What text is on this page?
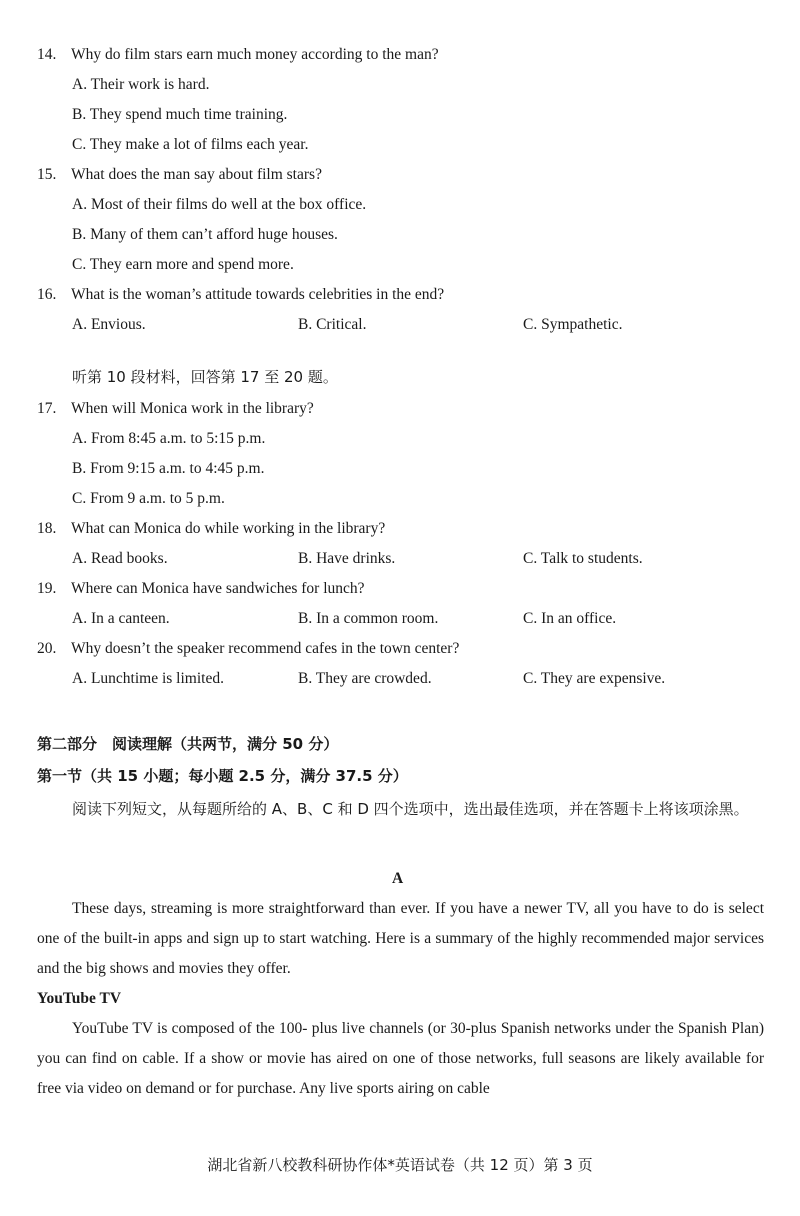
14. Why do film stars earn much money according to the man?
A. Their work is hard.
B. They spend much time training.
C. They make a lot of films each year.
15. What does the man say about film stars?
A. Most of their films do well at the box office.
B. Many of them can’t afford huge houses.
C. They earn more and spend more.
16. What is the woman’s attitude towards celebrities in the end?
A. Envious.	B. Critical.	C. Sympathetic.
听第 10 段材料，回答第 17 至 20 题。
17. When will Monica work in the library?
A. From 8:45 a.m. to 5:15 p.m.
B. From 9:15 a.m. to 4:45 p.m.
C. From 9 a.m. to 5 p.m.
18. What can Monica do while working in the library?
A. Read books.	B. Have drinks.	C. Talk to students.
19. Where can Monica have sandwiches for lunch?
A. In a canteen.	B. In a common room.	C. In an office.
20. Why doesn’t the speaker recommend cafes in the town center?
A. Lunchtime is limited.	B. They are crowded.	C. They are expensive.
第二部分　阅读理解（共两节，满分 50 分）
第一节（共 15 小题；每小题 2.5 分，满分 37.5 分）
阅读下列短文，从每题所给的 A、B、C 和 D 四个选项中，选出最佳选项，并在答题卡上将该项涂黑。
A
These days, streaming is more straightforward than ever. If you have a newer TV, all you have to do is select one of the built-in apps and sign up to start watching. Here is a summary of the highly recommended major services and the big shows and movies they offer.
YouTube TV
YouTube TV is composed of the 100- plus live channels (or 30-plus Spanish networks under the Spanish Plan) you can find on cable. If a show or movie has aired on one of those networks, full seasons are likely available for free via video on demand or for purchase. Any live sports airing on cable
湖北省新八校教科研协作体*英语试卷（共 12 页）第 3 页
